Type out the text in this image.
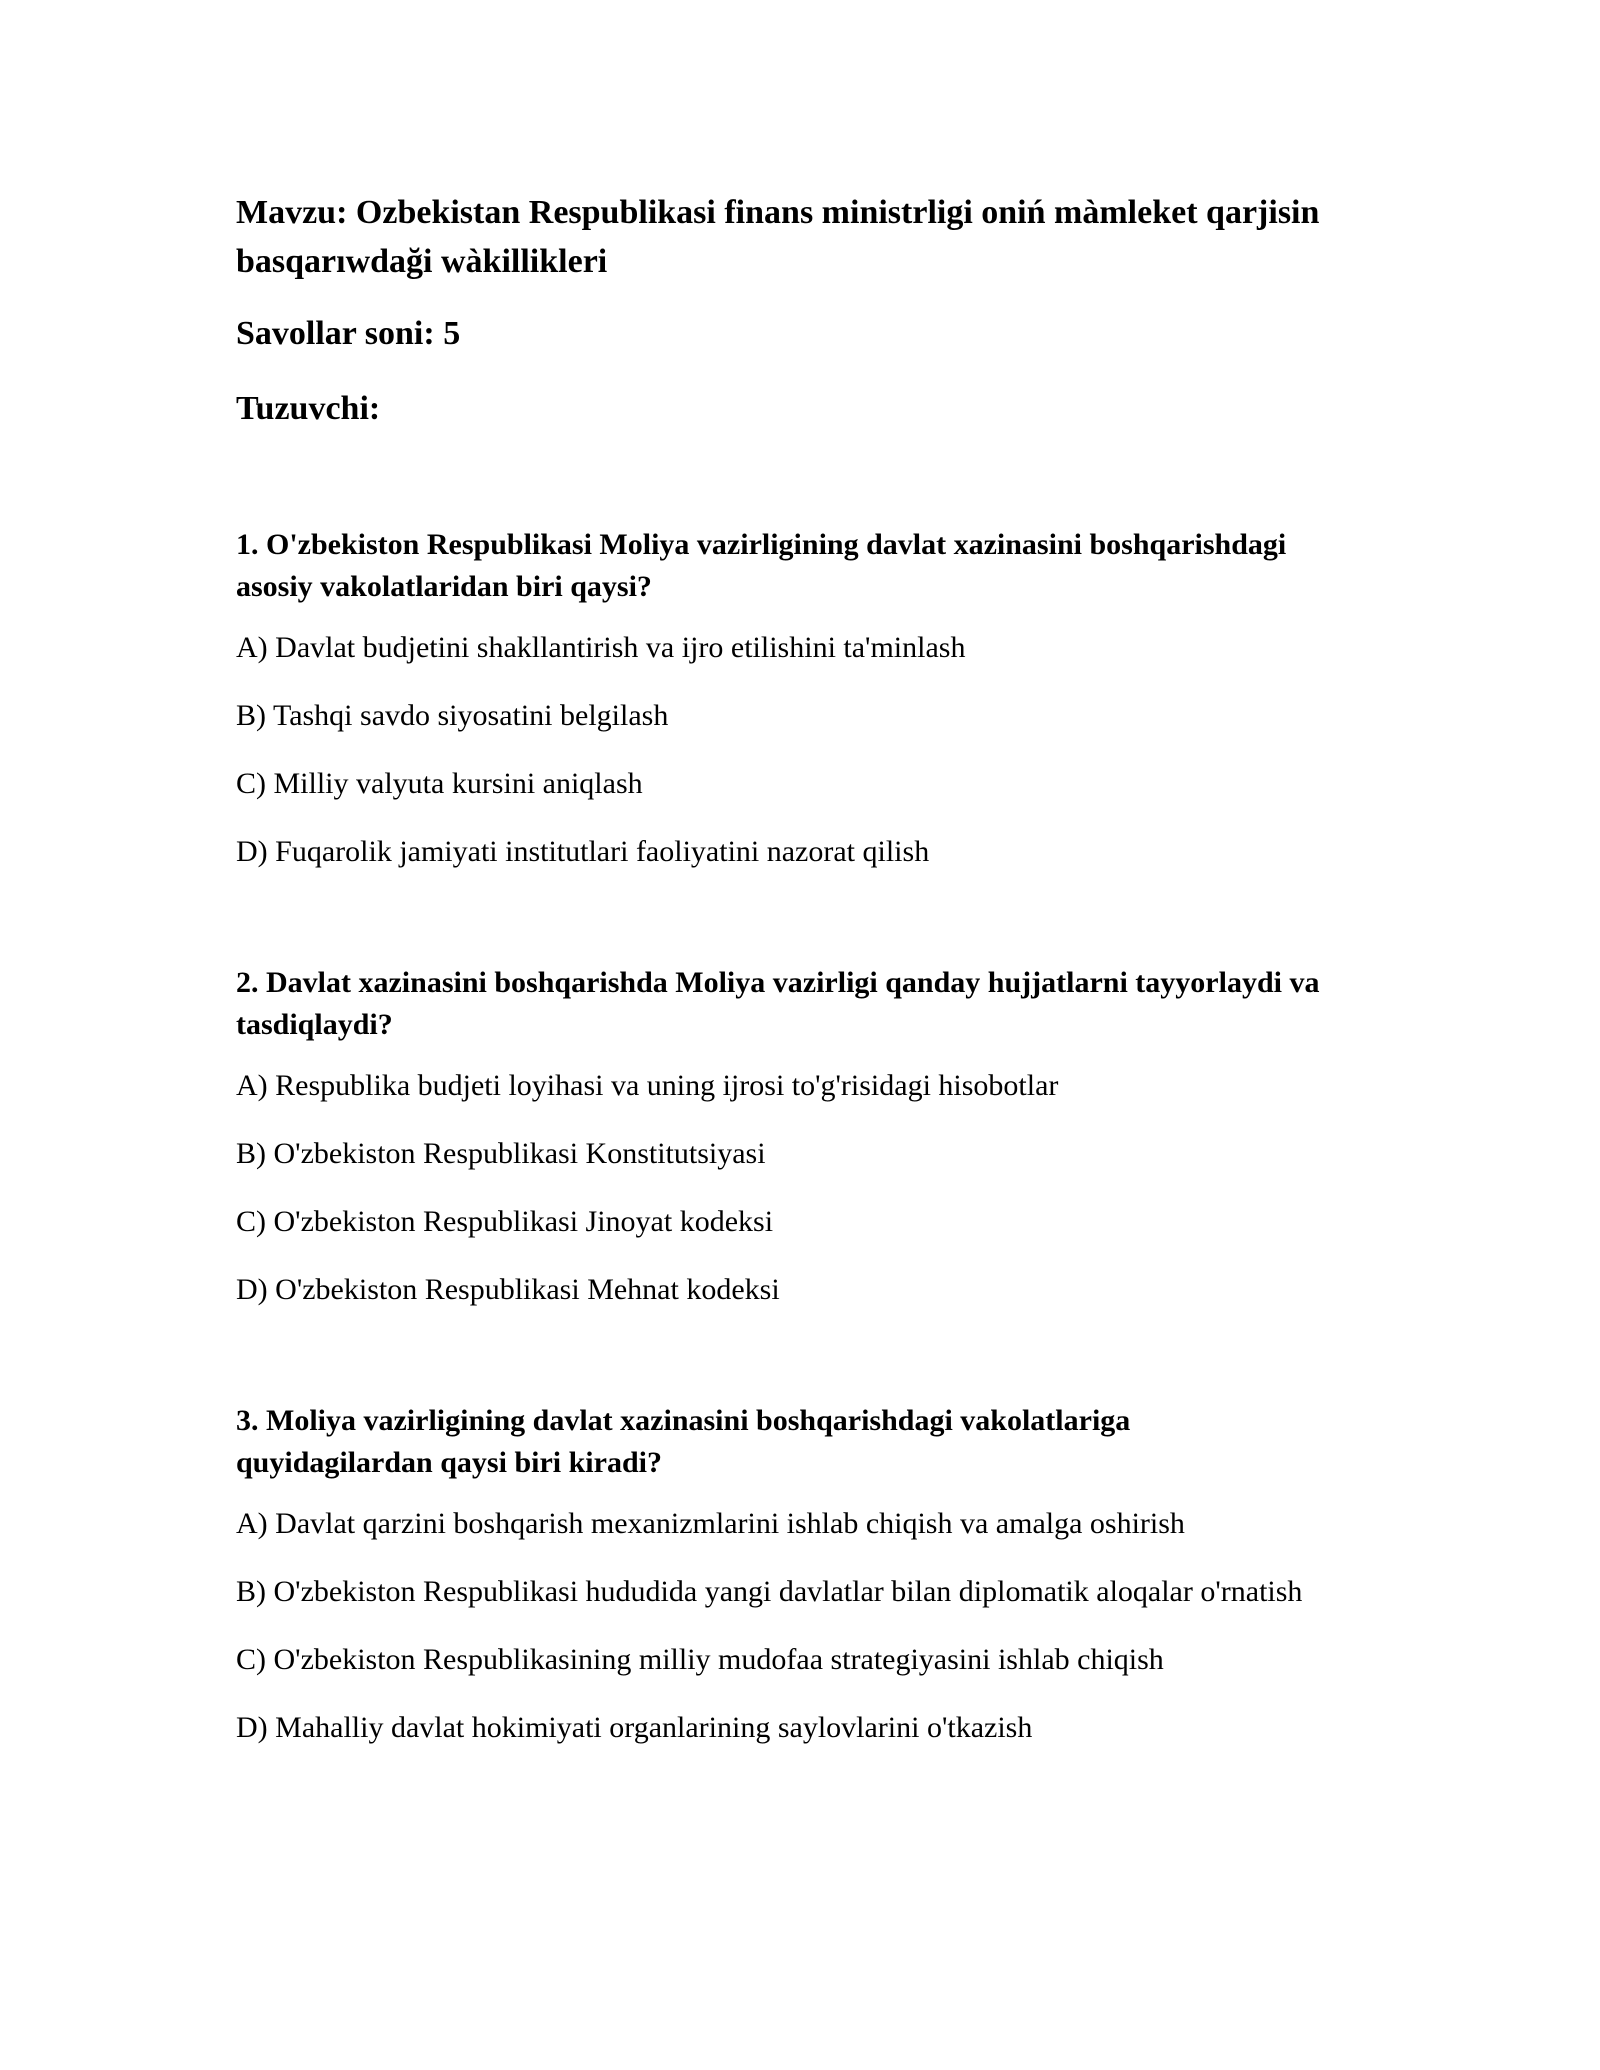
Mavzu: Ozbekistan Respublikasi finans ministrligi oniń màmleket qarjisin basqarıwdaği wàkillikleri

Savollar soni: 5

Tuzuvchi:

1. O'zbekiston Respublikasi Moliya vazirligining davlat xazinasini boshqarishdagi asosiy vakolatlaridan biri qaysi?

A) Davlat budjetini shakllantirish va ijro etilishini ta'minlash
B) Tashqi savdo siyosatini belgilash
C) Milliy valyuta kursini aniqlash
D) Fuqarolik jamiyati institutlari faoliyatini nazorat qilish

2. Davlat xazinasini boshqarishda Moliya vazirligi qanday hujjatlarni tayyorlaydi va tasdiqlaydi?

A) Respublika budjeti loyihasi va uning ijrosi to'g'risidagi hisobotlar
B) O'zbekiston Respublikasi Konstitutsiyasi
C) O'zbekiston Respublikasi Jinoyat kodeksi
D) O'zbekiston Respublikasi Mehnat kodeksi

3. Moliya vazirligining davlat xazinasini boshqarishdagi vakolatlariga quyidagilardan qaysi biri kiradi?

A) Davlat qarzini boshqarish mexanizmlarini ishlab chiqish va amalga oshirish
B) O'zbekiston Respublikasi hududida yangi davlatlar bilan diplomatik aloqalar o'rnatish
C) O'zbekiston Respublikasining milliy mudofaa strategiyasini ishlab chiqish
D) Mahalliy davlat hokimiyati organlarining saylovlarini o'tkazish
